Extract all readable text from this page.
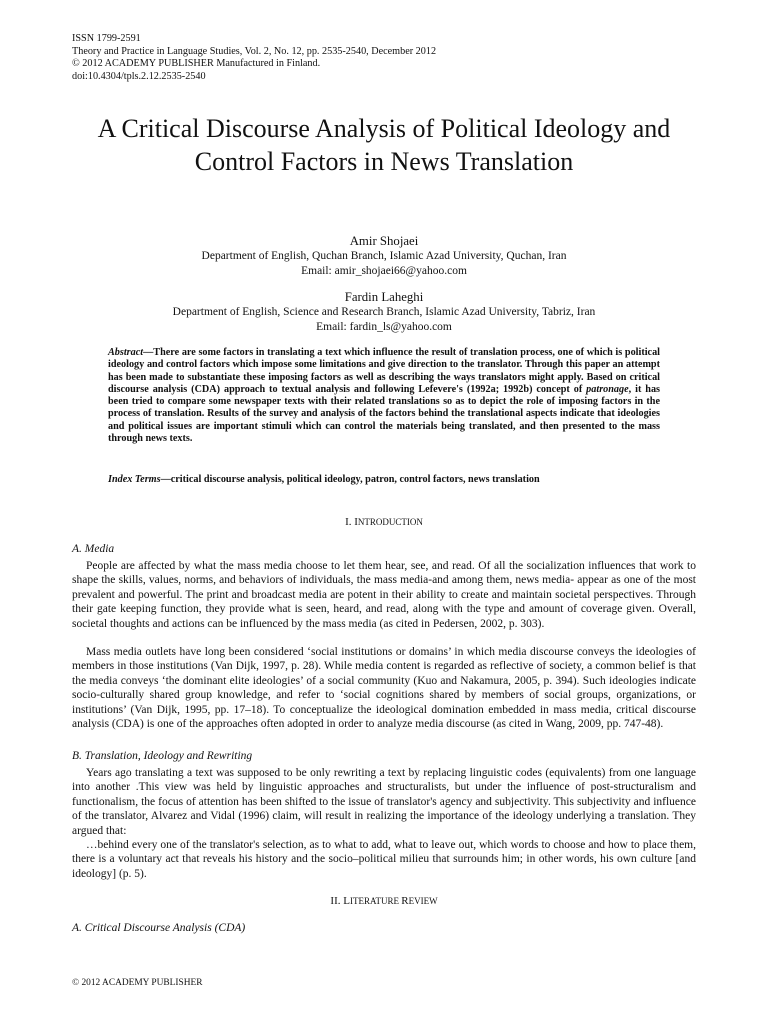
ISSN 1799-2591
Theory and Practice in Language Studies, Vol. 2, No. 12, pp. 2535-2540, December 2012
© 2012 ACADEMY PUBLISHER Manufactured in Finland.
doi:10.4304/tpls.2.12.2535-2540
A Critical Discourse Analysis of Political Ideology and Control Factors in News Translation
Amir Shojaei
Department of English, Quchan Branch, Islamic Azad University, Quchan, Iran
Email: amir_shojaei66@yahoo.com
Fardin Laheghi
Department of English, Science and Research Branch, Islamic Azad University, Tabriz, Iran
Email: fardin_ls@yahoo.com
Abstract—There are some factors in translating a text which influence the result of translation process, one of which is political ideology and control factors which impose some limitations and give direction to the translator. Through this paper an attempt has been made to substantiate these imposing factors as well as describing the ways translators might apply. Based on critical discourse analysis (CDA) approach to textual analysis and following Lefevere's (1992a; 1992b) concept of patronage, it has been tried to compare some newspaper texts with their related translations so as to depict the role of imposing factors in the process of translation. Results of the survey and analysis of the factors behind the translational aspects indicate that ideologies and political issues are important stimuli which can control the materials being translated, and then presented to the mass through news texts.
Index Terms—critical discourse analysis, political ideology, patron, control factors, news translation
I. INTRODUCTION
A. Media

People are affected by what the mass media choose to let them hear, see, and read. Of all the socialization influences that work to shape the skills, values, norms, and behaviors of individuals, the mass media-and among them, news media- appear as one of the most prevalent and powerful. The print and broadcast media are potent in their ability to create and maintain societal perspectives. Through their gate keeping function, they provide what is seen, heard, and read, along with the type and amount of coverage given. Overall, societal thoughts and actions can be influenced by the mass media (as cited in Pedersen, 2002, p. 303).

Mass media outlets have long been considered ‘social institutions or domains’ in which media discourse conveys the ideologies of members in those institutions (Van Dijk, 1997, p. 28). While media content is regarded as reflective of society, a common belief is that the media conveys ‘the dominant elite ideologies’ of a social community (Kuo and Nakamura, 2005, p. 394). Such ideologies indicate socio-culturally shared group knowledge, and refer to ‘social cognitions shared by members of social groups, organizations, or institutions’ (Van Dijk, 1995, pp. 17–18). To conceptualize the ideological domination embedded in mass media, critical discourse analysis (CDA) is one of the approaches often adopted in order to analyze media discourse (as cited in Wang, 2009, pp. 747-48).

B. Translation, Ideology and Rewriting

Years ago translating a text was supposed to be only rewriting a text by replacing linguistic codes (equivalents) from one language into another .This view was held by linguistic approaches and structuralists, but under the influence of post-structuralism and functionalism, the focus of attention has been shifted to the issue of translator's agency and subjectivity. This subjectivity and influence of the translator, Alvarez and Vidal (1996) claim, will result in realizing the importance of the ideology underlying a translation. They argued that:

…behind every one of the translator's selection, as to what to add, what to leave out, which words to choose and how to place them, there is a voluntary act that reveals his history and the socio–political milieu that surrounds him; in other words, his own culture [and ideology] (p. 5).

II. LITERATURE REVIEW
A. Critical Discourse Analysis (CDA)
© 2012 ACADEMY PUBLISHER
